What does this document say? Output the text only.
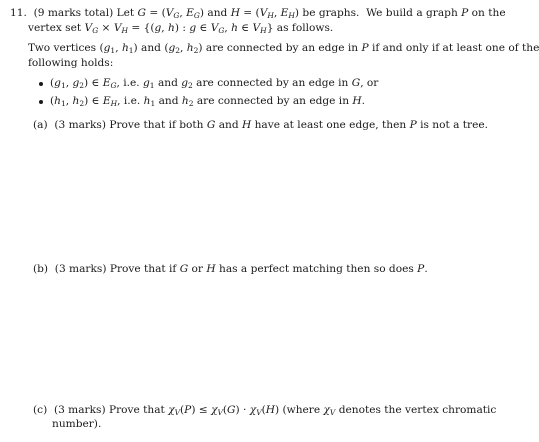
11.  (9 marks total) Let $G = (V_G$, $E_G$) and $H = (V_H$, $E_H$) be graphs.  We build a graph P on the
vertex set $V_G \times V_H = \{(g$, h) : g ∈ $V_G$, h ∈ $V_H$} as follows.
Two vertices ($g_1$, $h_1$) and ($g_2$, $h_2$) are connected by an edge in P if and only if at least one of the
following holds:
($g_1$, $g_2$) ∈ $E_G$, i.e. $g_1$ and $g_2$ are connected by an edge in G, or
($h_1$, $h_2$) ∈ $E_H$, i.e. $h_1$ and $h_2$ are connected by an edge in H.
(a)  (3 marks) Prove that if both G and H have at least one edge, then P is not a tree.
(b)  (3 marks) Prove that if G or H has a perfect matching then so does P.
(c)  (3 marks) Prove that $\chi_V(P) \le \chi_V(G) \cdot \chi_V(H)$ (where $\chi_V$ denotes the vertex chromatic
number).
